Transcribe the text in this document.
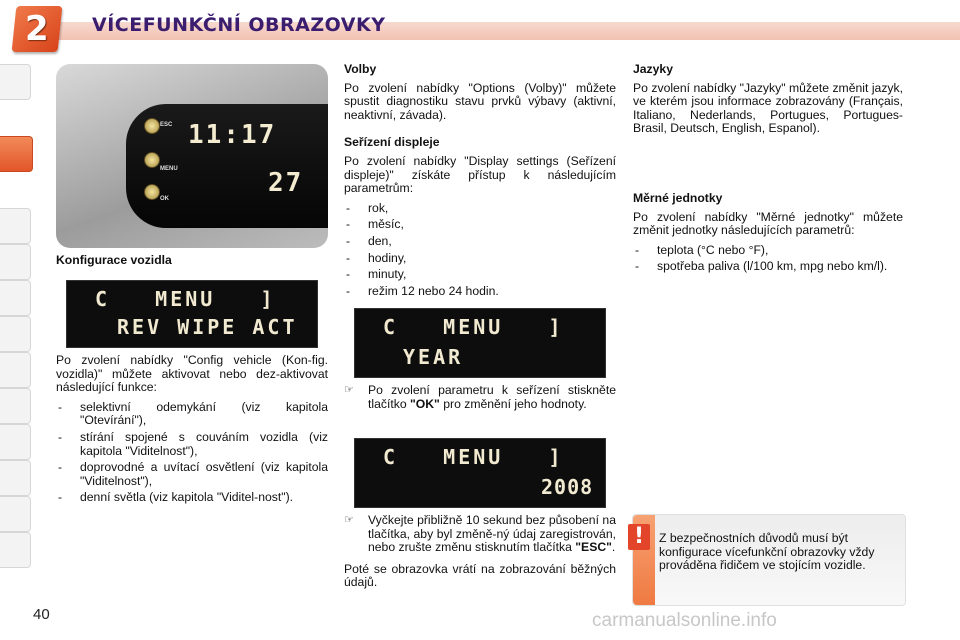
2 VÍCEFUNKČNÍ OBRAZOVKY
ESC
MENU
OK
11:17
27
Konfigurace vozidla
C   MENU   ]
REV WIPE ACT

Po zvolení nabídky "Config vehicle (Kon-fig. vozidla)" můžete aktivovat nebo dez-aktivovat následující funkce:

- selektivní odemykání (viz kapitola "Otevírání"),
- stírání spojené s couváním vozidla (viz kapitola "Viditelnost"),
- doprovodné a uvítací osvětlení (viz kapitola "Viditelnost"),
- denní světla (viz kapitola "Viditel-nost").
Volby

Po zvolení nabídky "Options (Volby)" můžete spustit diagnostiku stavu prvků výbavy (aktivní, neaktivní, závada).

Seřízení displeje

Po zvolení nabídky "Display settings (Seřízení displeje)" získáte přístup k následujícím parametrům:

- rok,
- měsíc,
- den,
- hodiny,
- minuty,
- režim 12 nebo 24 hodin.
C   MENU   ]
YEAR
☞ Po zvolení parametru k seřízení stiskněte tlačítko "OK" pro změnění jeho hodnoty.
C   MENU   ]
2008
☞ Vyčkejte přibližně 10 sekund bez působení na tlačítka, aby byl změně-ný údaj zaregistrován, nebo zrušte změnu stisknutím tlačítka "ESC".

Poté se obrazovka vrátí na zobrazování běžných údajů.

Jazyky

Po zvolení nabídky "Jazyky" můžete změnit jazyk, ve kterém jsou informace zobrazovány (Français, Italiano, Nederlands, Portugues, Portugues-Brasil, Deutsch, English, Espanol).

Měrné jednotky

Po zvolení nabídky "Měrné jednotky" můžete změnit jednotky následujících parametrů:

- teplota (°C nebo °F),
- spotřeba paliva (l/100 km, mpg nebo km/l).
!	Z bezpečnostních důvodů musí být konfigurace vícefunkční obrazovky vždy prováděna řidičem ve stojícím vozidle.
40	carmanualsonline.info
